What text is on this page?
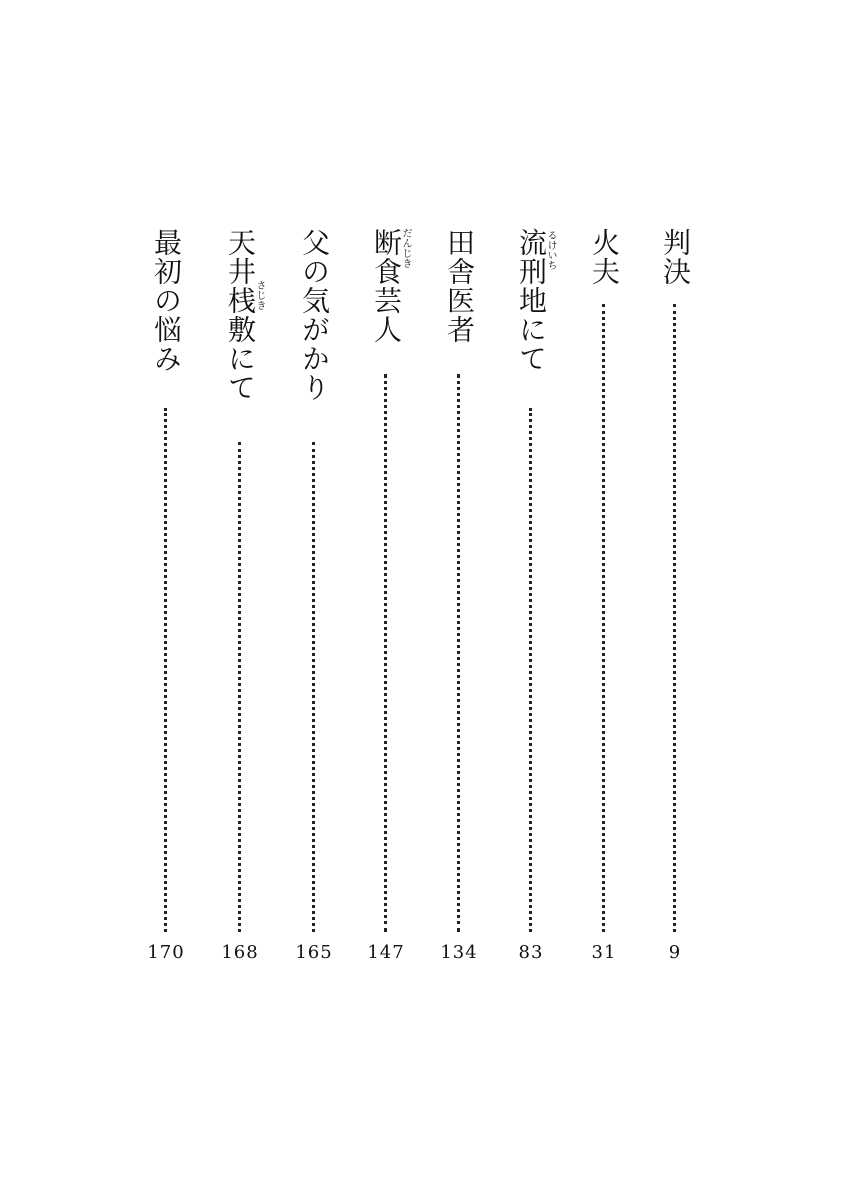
判決
9
火夫
31
るけいち
流刑地にて
83
田舎医者
134
だんじき
断食芸人
147
父の気がかり
165
さじき
天井桟敷にて
168
最初の悩み
170
